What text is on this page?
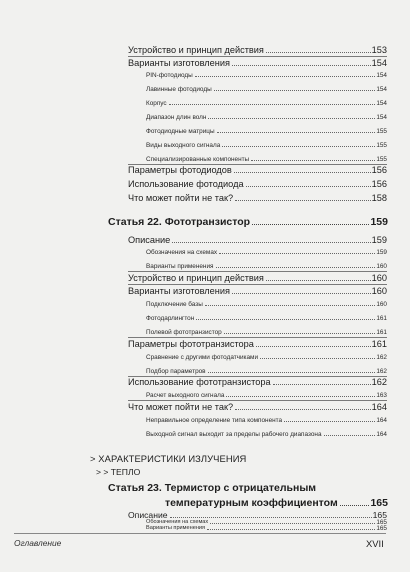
Устройство и принцип действия	153
Варианты изготовления	154
PIN-фотодиоды	154
Лавинные фотодиоды	154
Корпус	154
Диапазон длин волн	154
Фотодиодные матрицы	155
Виды выходного сигнала	155
Специализированные компоненты	155
Параметры фотодиодов	156
Использование фотодиода	156
Что может пойти не так?	158
Статья 22. Фототранзистор	159
Описание	159
Обозначения на схемах	159
Варианты применения	160
Устройство и принцип действия	160
Варианты изготовления	160
Подключение базы	160
Фотодарлингтон	161
Полевой фототранзистор	161
Параметры фототранзистора	161
Сравнение с другими фотодатчиками	162
Подбор параметров	162
Использование фототранзистора	162
Расчет выходного сигнала	163
Что может пойти не так?	164
Неправильное определение типа компонента	164
Выходной сигнал выходит за пределы рабочего диапазона	164
> ХАРАКТЕРИСТИКИ ИЗЛУЧЕНИЯ
> > ТЕПЛО
Статья 23. Термистор с отрицательным
температурным коэффициентом	165
Описание	165
Обозначения на схемах	165
Варианты применения	165
Оглавление	XVII
